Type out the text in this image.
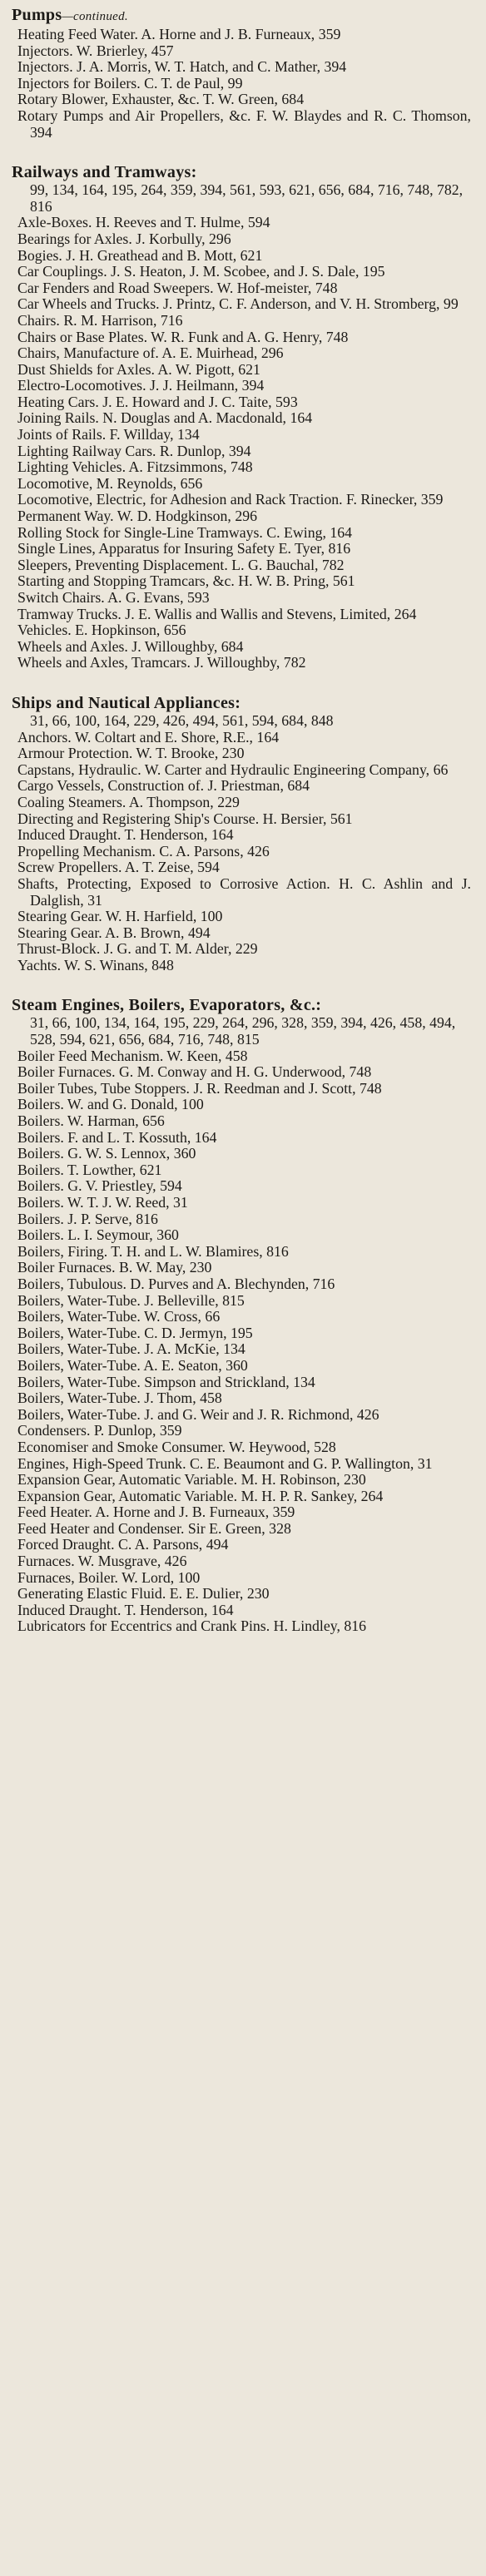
Pumps—continued.
Heating Feed Water. A. Horne and J. B. Furneaux, 359
Injectors. W. Brierley, 457
Injectors. J. A. Morris, W. T. Hatch, and C. Mather, 394
Injectors for Boilers. C. T. de Paul, 99
Rotary Blower, Exhauster, &c. T. W. Green, 684
Rotary Pumps and Air Propellers, &c. F. W. Blaydes and R. C. Thomson, 394
Railways and Tramways:
99, 134, 164, 195, 264, 359, 394, 561, 593, 621, 656, 684, 716, 748, 782, 816
Axle-Boxes. H. Reeves and T. Hulme, 594
Bearings for Axles. J. Korbully, 296
Bogies. J. H. Greathead and B. Mott, 621
Car Couplings. J. S. Heaton, J. M. Scobee, and J. S. Dale, 195
Car Fenders and Road Sweepers. W. Hof-meister, 748
Car Wheels and Trucks. J. Printz, C. F. Anderson, and V. H. Stromberg, 99
Chairs. R. M. Harrison, 716
Chairs or Base Plates. W. R. Funk and A. G. Henry, 748
Chairs, Manufacture of. A. E. Muirhead, 296
Dust Shields for Axles. A. W. Pigott, 621
Electro-Locomotives. J. J. Heilmann, 394
Heating Cars. J. E. Howard and J. C. Taite, 593
Joining Rails. N. Douglas and A. Macdonald, 164
Joints of Rails. F. Willday, 134
Lighting Railway Cars. R. Dunlop, 394
Lighting Vehicles. A. Fitzsimmons, 748
Locomotive, M. Reynolds, 656
Locomotive, Electric, for Adhesion and Rack Traction. F. Rinecker, 359
Permanent Way. W. D. Hodgkinson, 296
Rolling Stock for Single-Line Tramways. C. Ewing, 164
Single Lines, Apparatus for Insuring Safety E. Tyer, 816
Sleepers, Preventing Displacement. L. G. Bauchal, 782
Starting and Stopping Tramcars, &c. H. W. B. Pring, 561
Switch Chairs. A. G. Evans, 593
Tramway Trucks. J. E. Wallis and Wallis and Stevens, Limited, 264
Vehicles. E. Hopkinson, 656
Wheels and Axles. J. Willoughby, 684
Wheels and Axles, Tramcars. J. Willoughby, 782
Ships and Nautical Appliances:
31, 66, 100, 164, 229, 426, 494, 561, 594, 684, 848
Anchors. W. Coltart and E. Shore, R.E., 164
Armour Protection. W. T. Brooke, 230
Capstans, Hydraulic. W. Carter and Hydraulic Engineering Company, 66
Cargo Vessels, Construction of. J. Priestman, 684
Coaling Steamers. A. Thompson, 229
Directing and Registering Ship's Course. H. Bersier, 561
Induced Draught. T. Henderson, 164
Propelling Mechanism. C. A. Parsons, 426
Screw Propellers. A. T. Zeise, 594
Shafts, Protecting, Exposed to Corrosive Action. H. C. Ashlin and J. Dalglish, 31
Stearing Gear. W. H. Harfield, 100
Stearing Gear. A. B. Brown, 494
Thrust-Block. J. G. and T. M. Alder, 229
Yachts. W. S. Winans, 848
Steam Engines, Boilers, Evaporators, &c.:
31, 66, 100, 134, 164, 195, 229, 264, 296, 328, 359, 394, 426, 458, 494, 528, 594, 621, 656, 684, 716, 748, 815
Boiler Feed Mechanism. W. Keen, 458
Boiler Furnaces. G. M. Conway and H. G. Underwood, 748
Boiler Tubes, Tube Stoppers. J. R. Reedman and J. Scott, 748
Boilers. W. and G. Donald, 100
Boilers. W. Harman, 656
Boilers. F. and L. T. Kossuth, 164
Boilers. G. W. S. Lennox, 360
Boilers. T. Lowther, 621
Boilers. G. V. Priestley, 594
Boilers. W. T. J. W. Reed, 31
Boilers. J. P. Serve, 816
Boilers. L. I. Seymour, 360
Boilers, Firing. T. H. and L. W. Blamires, 816
Boiler Furnaces. B. W. May, 230
Boilers, Tubulous. D. Purves and A. Blechynden, 716
Boilers, Water-Tube. J. Belleville, 815
Boilers, Water-Tube. W. Cross, 66
Boilers, Water-Tube. C. D. Jermyn, 195
Boilers, Water-Tube. J. A. McKie, 134
Boilers, Water-Tube. A. E. Seaton, 360
Boilers, Water-Tube. Simpson and Strickland, 134
Boilers, Water-Tube. J. Thom, 458
Boilers, Water-Tube. J. and G. Weir and J. R. Richmond, 426
Condensers. P. Dunlop, 359
Economiser and Smoke Consumer. W. Heywood, 528
Engines, High-Speed Trunk. C. E. Beaumont and G. P. Wallington, 31
Expansion Gear, Automatic Variable. M. H. Robinson, 230
Expansion Gear, Automatic Variable. M. H. P. R. Sankey, 264
Feed Heater. A. Horne and J. B. Furneaux, 359
Feed Heater and Condenser. Sir E. Green, 328
Forced Draught. C. A. Parsons, 494
Furnaces. W. Musgrave, 426
Furnaces, Boiler. W. Lord, 100
Generating Elastic Fluid. E. E. Dulier, 230
Induced Draught. T. Henderson, 164
Lubricators for Eccentrics and Crank Pins. H. Lindley, 816
